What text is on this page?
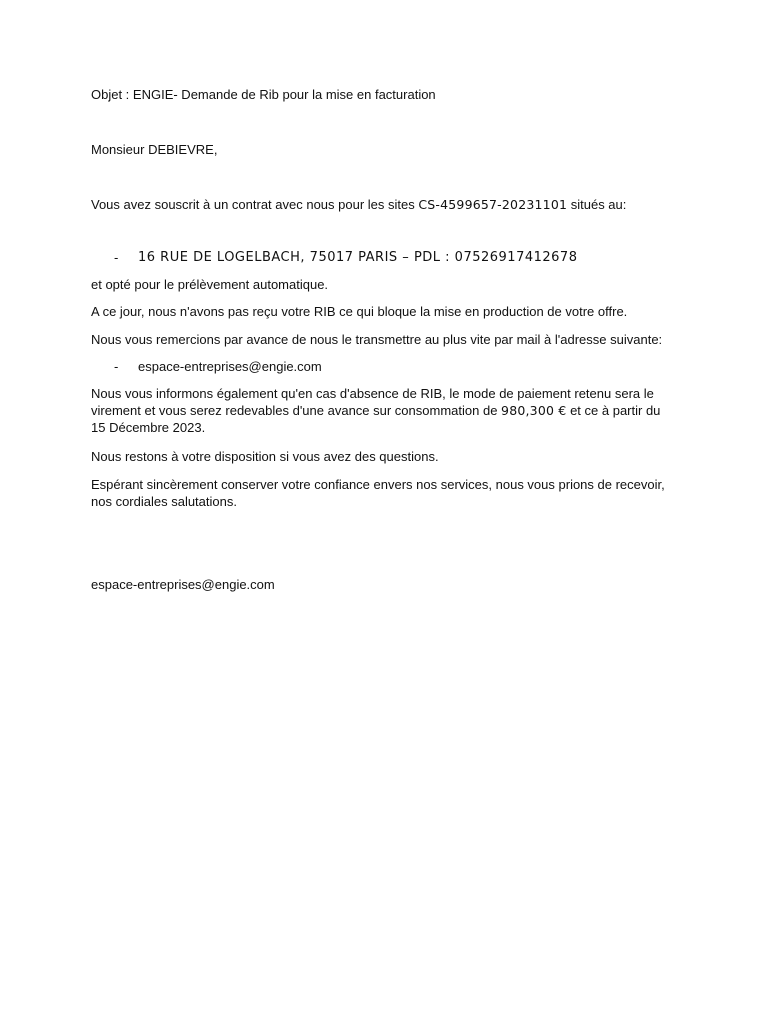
Objet : ENGIE- Demande de Rib pour la mise en facturation

Monsieur DEBIEVRE,

Vous avez souscrit à un contrat avec nous pour les sites CS-4599657-20231101 situés au:

-	16 RUE DE LOGELBACH, 75017 PARIS – PDL : 07526917412678

et opté pour le prélèvement automatique.

A ce jour, nous n'avons pas reçu votre RIB ce qui bloque la mise en production de votre offre.

Nous vous remercions par avance de nous le transmettre au plus vite par mail à l'adresse suivante:

-	espace-entreprises@engie.com

Nous vous informons également qu'en cas d'absence de RIB, le mode de paiement retenu sera le
virement et vous serez redevables d'une avance sur consommation de 980,300 € et ce à partir du
15 Décembre 2023.

Nous restons à votre disposition si vous avez des questions.

Espérant sincèrement conserver votre confiance envers nos services, nous vous prions de recevoir,
nos cordiales salutations.

espace-entreprises@engie.com
